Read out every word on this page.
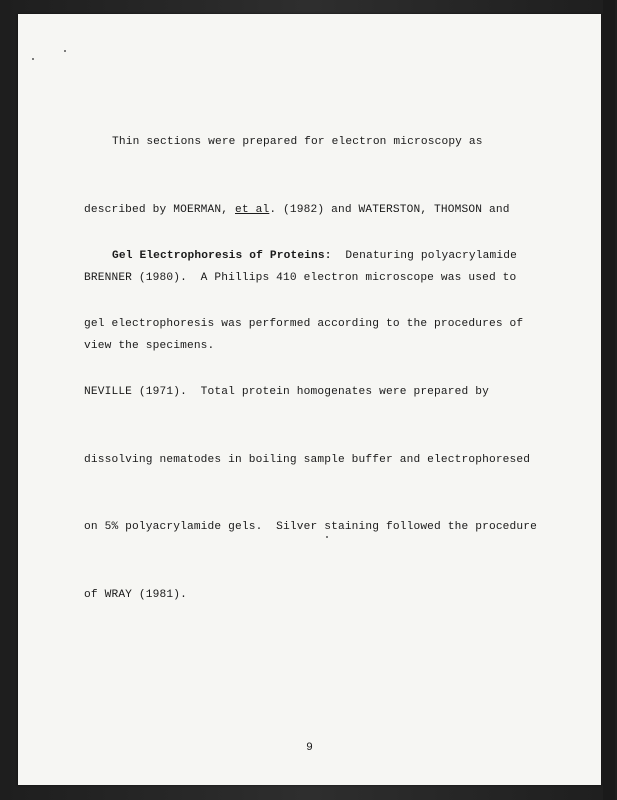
Thin sections were prepared for electron microscopy as

described by MOERMAN, et al. (1982) and WATERSTON, THOMSON and

BRENNER (1980).  A Phillips 410 electron microscope was used to

view the specimens.

Gel Electrophoresis of Proteins:  Denaturing polyacrylamide

gel electrophoresis was performed according to the procedures of

NEVILLE (1971).  Total protein homogenates were prepared by

dissolving nematodes in boiling sample buffer and electrophoresed

on 5% polyacrylamide gels.  Silver staining followed the procedure

of WRAY (1981).

9
